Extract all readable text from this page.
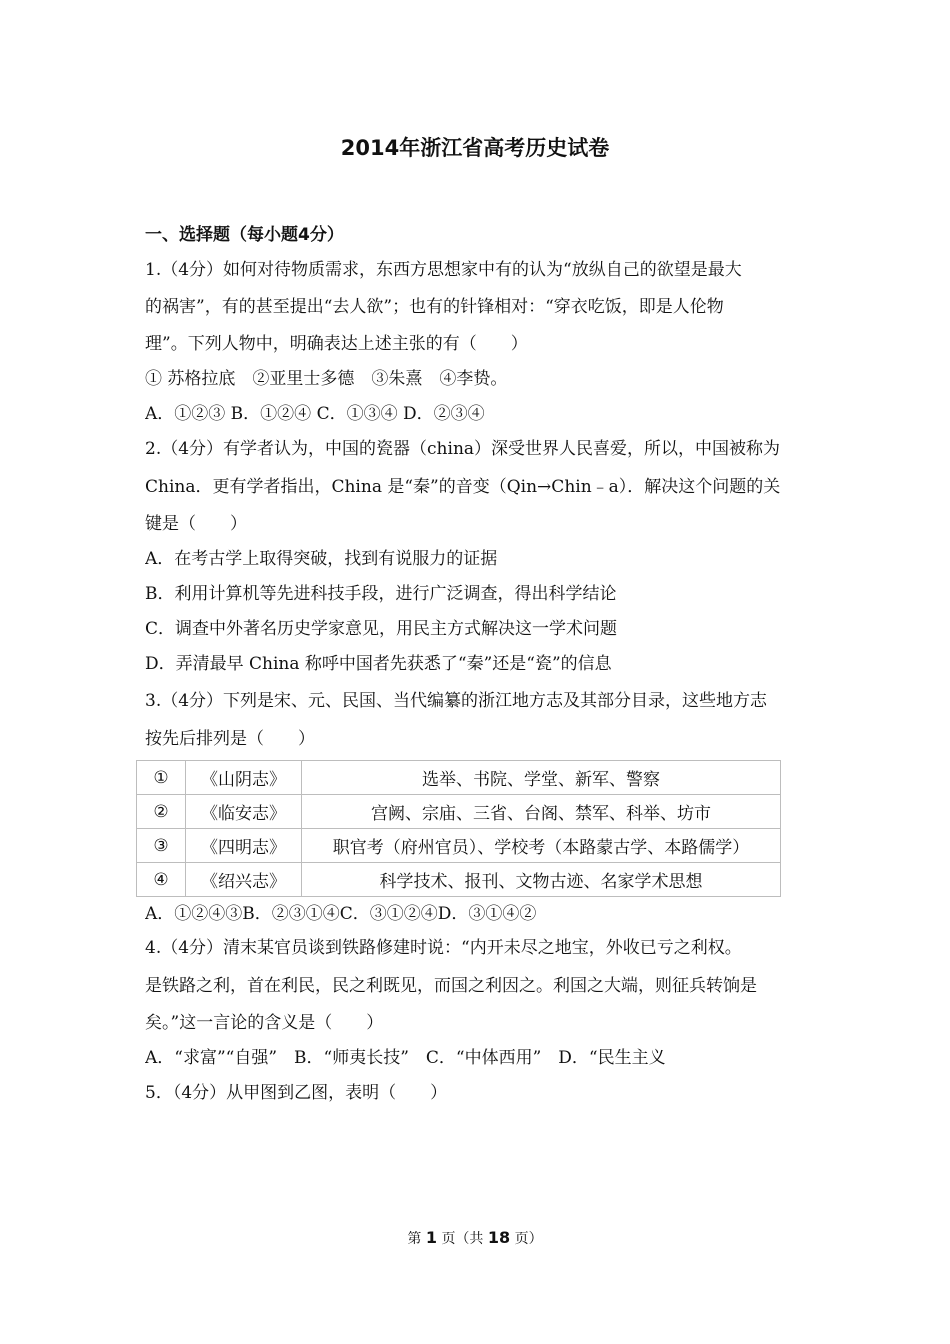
2014年浙江省高考历史试卷
一、选择题（每小题4分）
1.（4分）如何对待物质需求，东西方思想家中有的认为“放纵自己的欲望是最大
的祸害”，有的甚至提出“去人欲”；也有的针锋相对：“穿衣吃饭，即是人伦物
理”。下列人物中，明确表达上述主张的有（　　）
① 苏格拉底　②亚里士多德　③朱熹　④李贽。
A．①②③ B．①②④ C．①③④ D．②③④
2.（4分）有学者认为，中国的瓷器（china）深受世界人民喜爱，所以，中国被称为
China．更有学者指出，China 是“秦”的音变（Qin→Chin﹣a）．解决这个问题的关
键是（　　）
A．在考古学上取得突破，找到有说服力的证据
B．利用计算机等先进科技手段，进行广泛调查，得出科学结论
C．调查中外著名历史学家意见，用民主方式解决这一学术问题
D．弄清最早 China 称呼中国者先获悉了“秦”还是“瓷”的信息
3.（4分）下列是宋、元、民国、当代编纂的浙江地方志及其部分目录，这些地方志
按先后排列是（　　）
①	《山阴志》	选举、书院、学堂、新军、警察
②	《临安志》	宫阙、宗庙、三省、台阁、禁军、科举、坊市
③	《四明志》	职官考（府州官员）、学校考（本路蒙古学、本路儒学）
④	《绍兴志》	科学技术、报刊、文物古迹、名家学术思想
A．①②④③B．②③①④C．③①②④D．③①④②
4.（4分）清末某官员谈到铁路修建时说：“内开未尽之地宝，外收已亏之利权。
是铁路之利，首在利民，民之利既见，而国之利因之。利国之大端，则征兵转饷是
矣。”这一言论的含义是（　　）
A．“求富”“自强”　B．“师夷长技”　C．“中体西用”　D．“民生主义
5．（4分）从甲图到乙图，表明（　　）
第 1 页（共 18 页）
